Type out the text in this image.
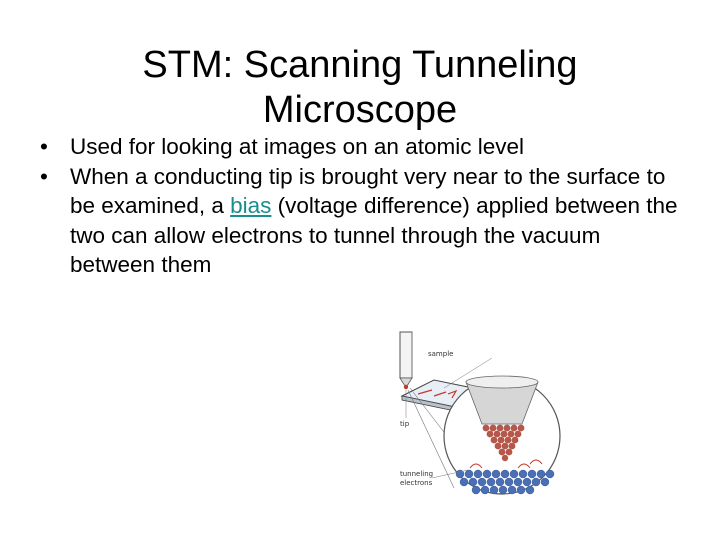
STM: Scanning Tunneling
Microscope
• Used for looking at images on an atomic level
• When a conducting tip is brought very near to the surface to be examined, a bias (voltage difference) applied between the two can allow electrons to tunnel through the vacuum between them
sample
tip
tunneling
electrons
